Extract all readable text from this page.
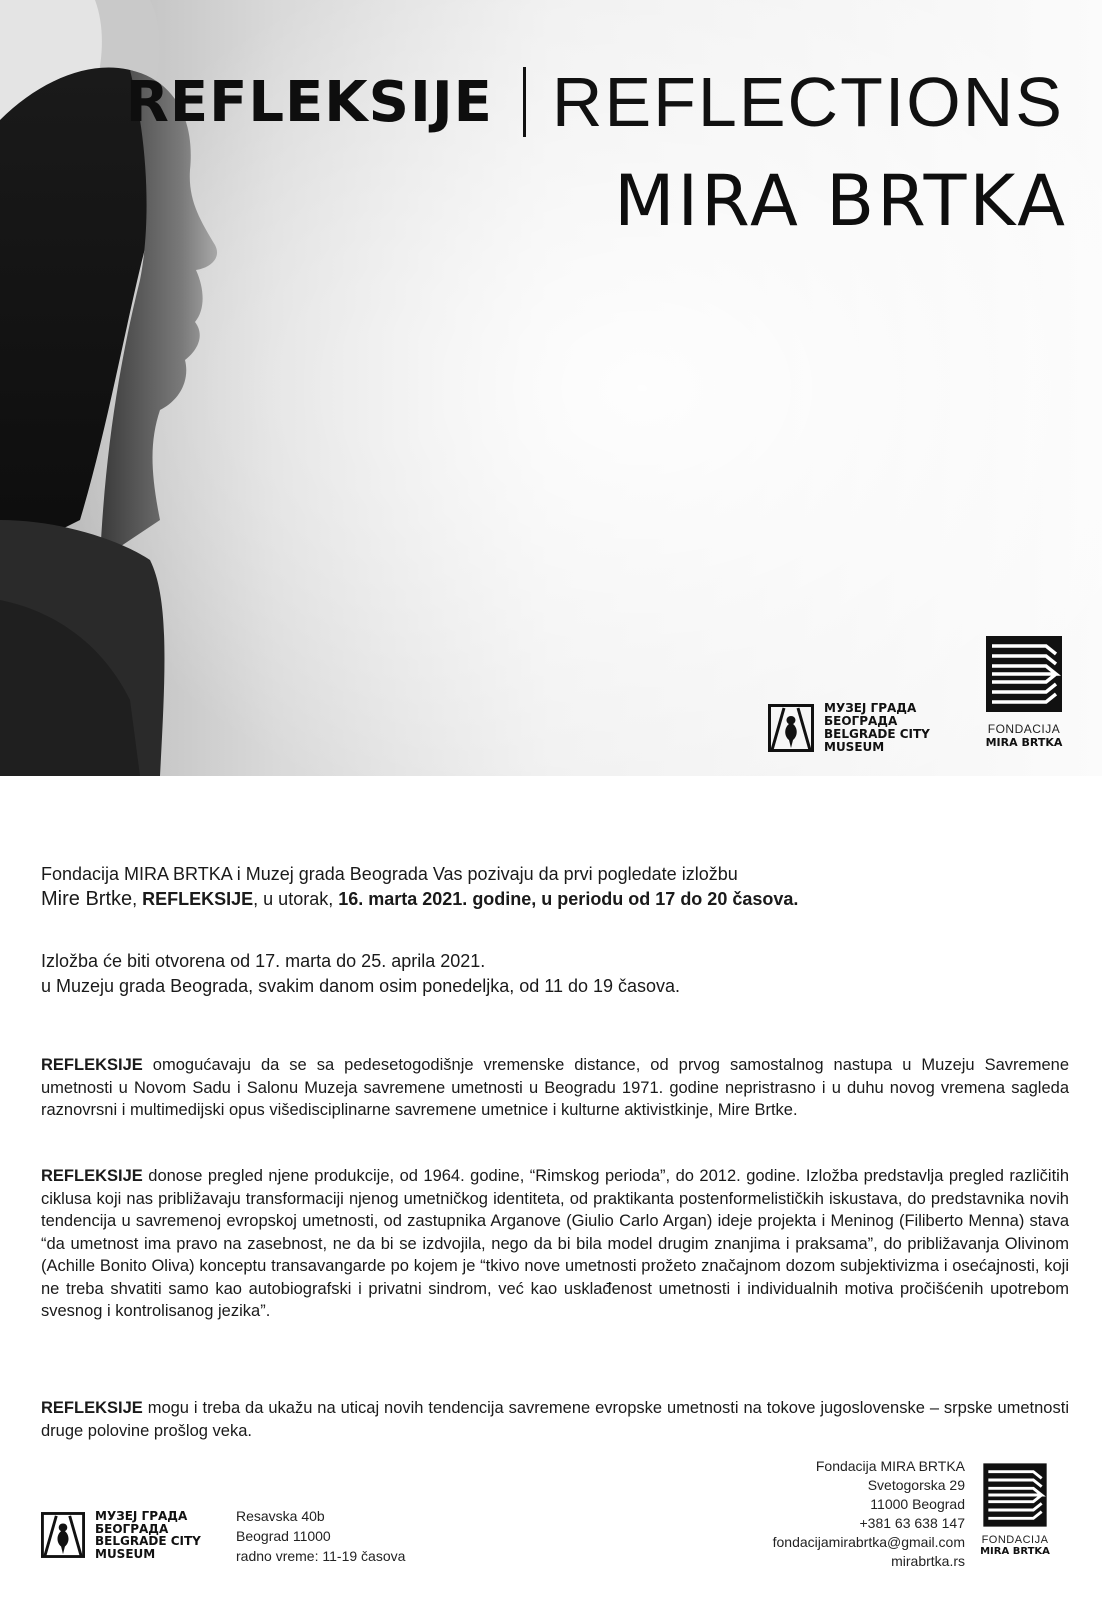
REFLEKSIJE REFLECTIONS
MIRA BRTKA
МУЗЕЈ ГРАДА
БЕОГРАДА
BELGRADE CITY
MUSEUM
FONDACIJA
MIRA BRTKA
Fondacija MIRA BRTKA i Muzej grada Beograda Vas pozivaju da prvi pogledate izložbu
Mire Brtke, REFLEKSIJE, u utorak, 16. marta 2021. godine, u periodu od 17 do 20 časova.
Izložba će biti otvorena od 17. marta do 25. aprila 2021.
u Muzeju grada Beograda, svakim danom osim ponedeljka, od 11 do 19 časova.

REFLEKSIJE omogućavaju da se sa pedesetogodišnje vremenske distance, od prvog samostalnog nastupa u Muzeju Savremene umetnosti u Novom Sadu i Salonu Muzeja savremene umetnosti u Beogradu 1971. godine nepristrasno i u duhu novog vremena sagleda raznovrsni i multimedijski opus višedisciplinarne savremene umetnice i kulturne aktivistkinje, Mire Brtke.

REFLEKSIJE donose pregled njene produkcije, od 1964. godine, “Rimskog perioda”, do 2012. godine. Izložba predstavlja pregled različitih ciklusa koji nas približavaju transformaciji njenog umetničkog identiteta, od praktikanta postenformelističkih iskustava, do predstavnika novih tendencija u savremenoj evropskoj umetnosti, od zastupnika Arganove (Giulio Carlo Argan) ideje projekta i Meninog (Filiberto Menna) stava “da umetnost ima pravo na zasebnost, ne da bi se izdvojila, nego da bi bila model drugim znanjima i praksama”, do približavanja Olivinom (Achille Bonito Oliva) konceptu transavangarde po kojem je “tkivo nove umetnosti prožeto značajnom dozom subjektivizma i osećajnosti, koji ne treba shvatiti samo kao autobiografski i privatni sindrom, već kao usklađenost umetnosti i individualnih motiva pročišćenih upotrebom svesnog i kontrolisanog jezika”.

REFLEKSIJE mogu i treba da ukažu na uticaj novih tendencija savremene evropske umetnosti na tokove jugoslovenske – srpske umetnosti druge polovine prošlog veka.

МУЗЕЈ ГРАДА
БЕОГРАДА
BELGRADE CITY
MUSEUM
Resavska 40b
Beograd 11000
radno vreme: 11-19 časova
Fondacija MIRA BRTKA
Svetogorska 29
11000 Beograd
+381 63 638 147
fondacijamirabrtka@gmail.com
mirabrtka.rs
FONDACIJA
MIRA BRTKA
